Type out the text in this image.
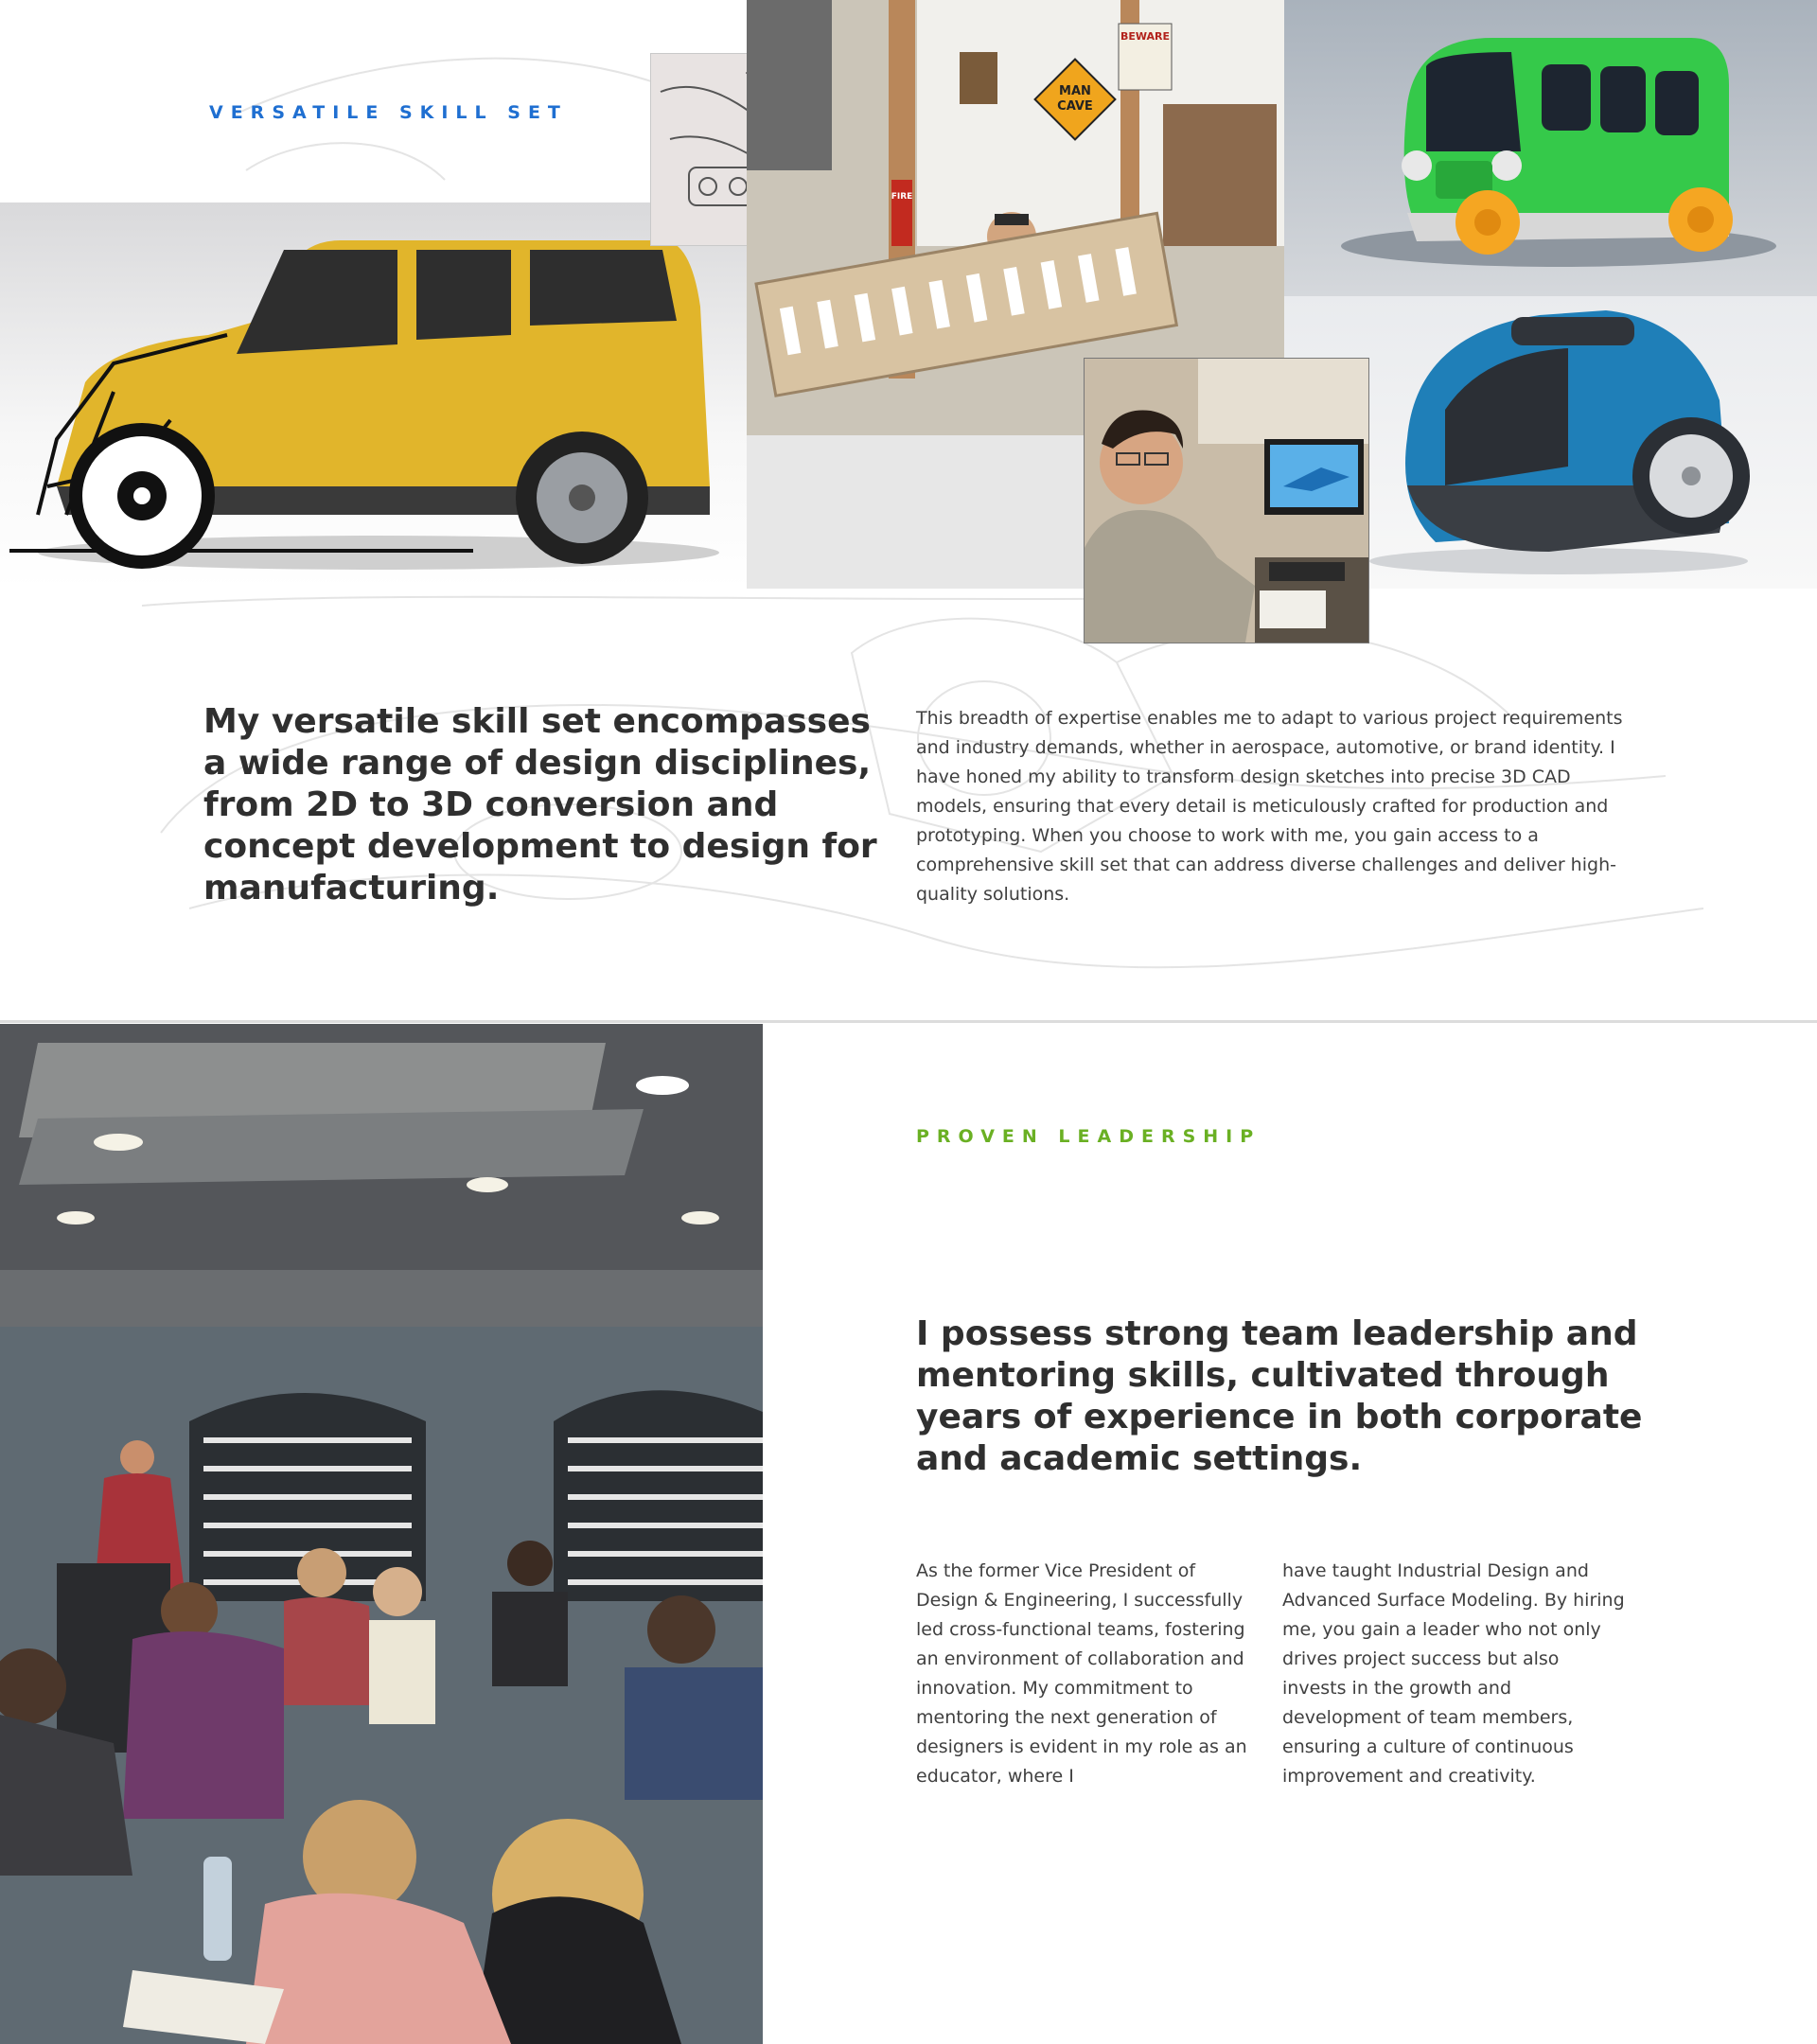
VERSATILE SKILL SET
BEWARE
MAN
CAVE
FIRE
My versatile skill set encompasses a wide range of design disciplines, from 2D to 3D conversion and concept development to design for manufacturing.

This breadth of expertise enables me to adapt to various project requirements and industry demands, whether in aerospace, automotive, or brand identity. I have honed my ability to transform design sketches into precise 3D CAD models, ensuring that every detail is meticulously crafted for production and prototyping. When you choose to work with me, you gain access to a comprehensive skill set that can address diverse challenges and deliver high-quality solutions.

PROVEN LEADERSHIP
I possess strong team leadership and mentoring skills, cultivated through years of experience in both corporate and academic settings.

As the former Vice President of Design & Engineering, I successfully led cross-functional teams, fostering an environment of collaboration and innovation. My commitment to mentoring the next generation of designers is evident in my role as an educator, where I

have taught Industrial Design and Advanced Surface Modeling. By hiring me, you gain a leader who not only drives project success but also invests in the growth and development of team members, ensuring a culture of continuous improvement and creativity.
